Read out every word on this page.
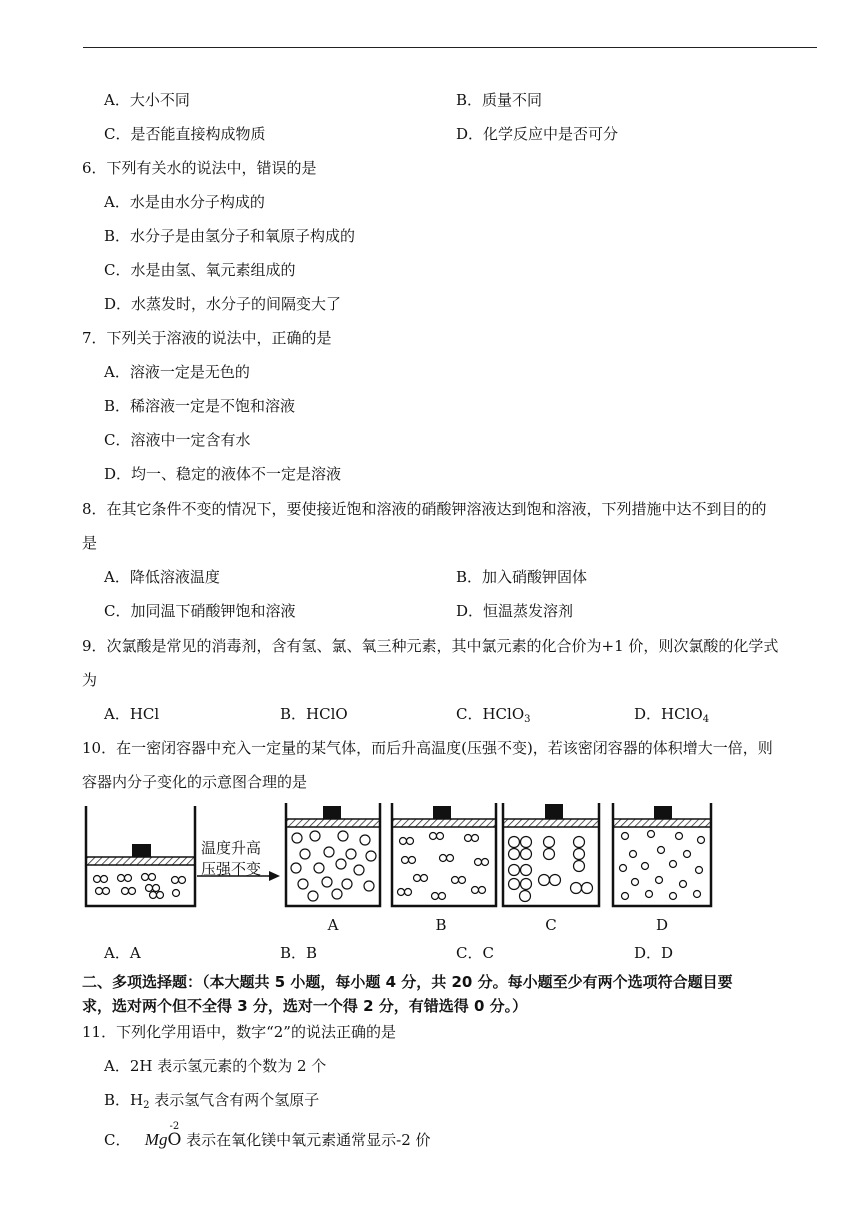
A．大小不同	B．质量不同
C．是否能直接构成物质	D．化学反应中是否可分
6．下列有关水的说法中，错误的是
A．水是由水分子构成的
B．水分子是由氢分子和氧原子构成的
C．水是由氢、氧元素组成的
D．水蒸发时，水分子的间隔变大了
7．下列关于溶液的说法中，正确的是
A．溶液一定是无色的
B．稀溶液一定是不饱和溶液
C．溶液中一定含有水
D．均一、稳定的液体不一定是溶液
8．在其它条件不变的情况下，要使接近饱和溶液的硝酸钾溶液达到饱和溶液，下列措施中达不到目的的
是
A．降低溶液温度	B．加入硝酸钾固体
C．加同温下硝酸钾饱和溶液	D．恒温蒸发溶剂
9．次氯酸是常见的消毒剂，含有氢、氯、氧三种元素，其中氯元素的化合价为+1 价，则次氯酸的化学式
为
A．HCl	B．HClO	C．HClO$_3$	D．HClO$_4$
10．在一密闭容器中充入一定量的某气体，而后升高温度(压强不变)，若该密闭容器的体积增大一倍，则
容器内分子变化的示意图合理的是
温度升高
压强不变
A	B	C	D
A．A	B．B	C．C	D．D
二、多项选择题：（本大题共 5 小题，每小题 4 分，共 20 分。每小题至少有两个选项符合题目要
求，选对两个但不全得 3 分，选对一个得 2 分，有错选得 0 分。）
11．下列化学用语中，数字“2”的说法正确的是
A．2H 表示氢元素的个数为 2 个
B．$H_2$ 表示氢气含有两个氢原子
C． Mg
-2
O 表示在氧化镁中氧元素通常显示-2 价
